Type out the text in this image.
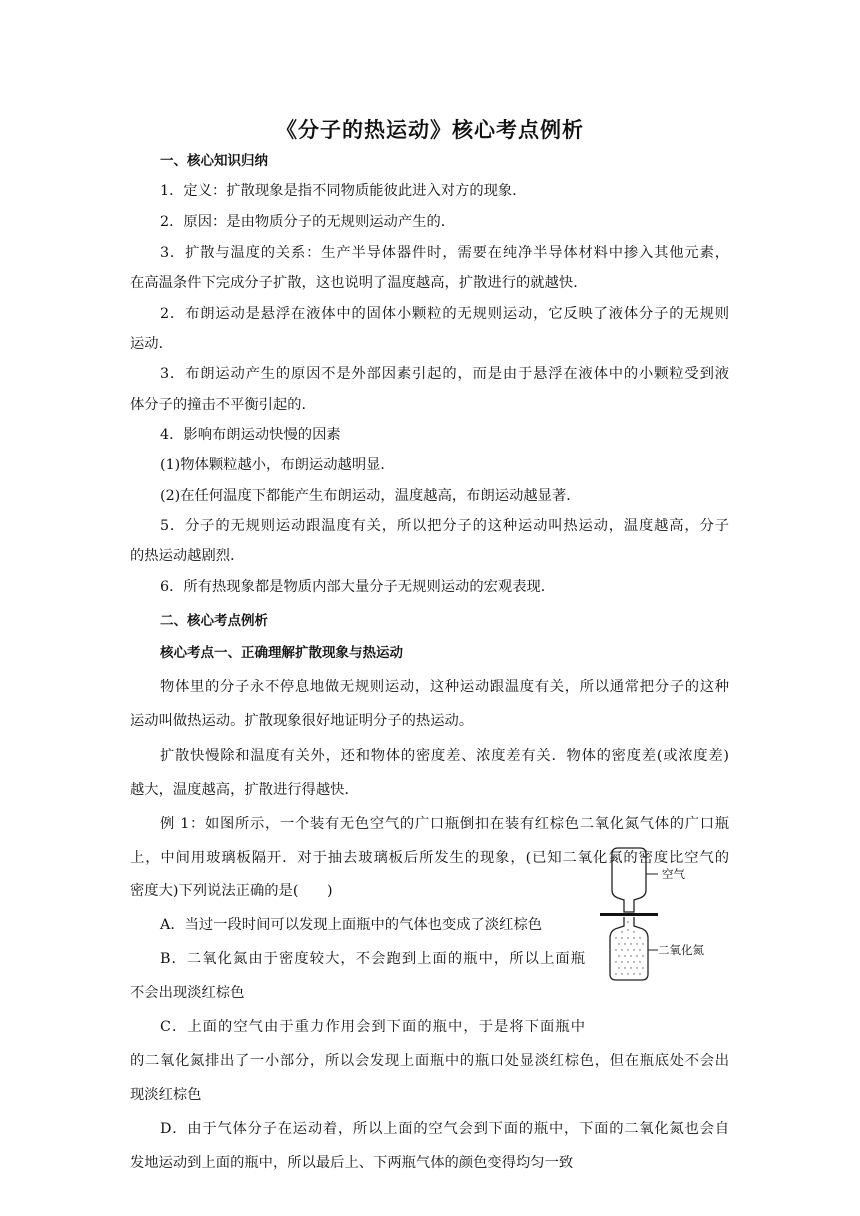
《分子的热运动》核心考点例析
一、核心知识归纳
1．定义：扩散现象是指不同物质能彼此进入对方的现象．
2．原因：是由物质分子的无规则运动产生的．
3．扩散与温度的关系：生产半导体器件时，需要在纯净半导体材料中掺入其他元素，
在高温条件下完成分子扩散，这也说明了温度越高，扩散进行的就越快．
2．布朗运动是悬浮在液体中的固体小颗粒的无规则运动，它反映了液体分子的无规则
运动．
3．布朗运动产生的原因不是外部因素引起的，而是由于悬浮在液体中的小颗粒受到液
体分子的撞击不平衡引起的．
4．影响布朗运动快慢的因素
(1)物体颗粒越小，布朗运动越明显．
(2)在任何温度下都能产生布朗运动，温度越高，布朗运动越显著．
5．分子的无规则运动跟温度有关，所以把分子的这种运动叫热运动，温度越高，分子
的热运动越剧烈．
6．所有热现象都是物质内部大量分子无规则运动的宏观表现．
二、核心考点例析
核心考点一、正确理解扩散现象与热运动
物体里的分子永不停息地做无规则运动，这种运动跟温度有关，所以通常把分子的这种
运动叫做热运动。扩散现象很好地证明分子的热运动。
扩散快慢除和温度有关外，还和物体的密度差、浓度差有关．物体的密度差(或浓度差)
越大，温度越高，扩散进行得越快．
例 1：如图所示，一个装有无色空气的广口瓶倒扣在装有红棕色二氧化氮气体的广口瓶
上，中间用玻璃板隔开．对于抽去玻璃板后所发生的现象，(已知二氧化氮的密度比空气的
密度大)下列说法正确的是(　　)
A．当过一段时间可以发现上面瓶中的气体也变成了淡红棕色
B．二氧化氮由于密度较大，不会跑到上面的瓶中，所以上面瓶
不会出现淡红棕色
C．上面的空气由于重力作用会到下面的瓶中，于是将下面瓶中
的二氧化氮排出了一小部分，所以会发现上面瓶中的瓶口处显淡红棕色，但在瓶底处不会出
现淡红棕色
D．由于气体分子在运动着，所以上面的空气会到下面的瓶中，下面的二氧化氮也会自
发地运动到上面的瓶中，所以最后上、下两瓶气体的颜色变得均匀一致
空气
二氧化氮
